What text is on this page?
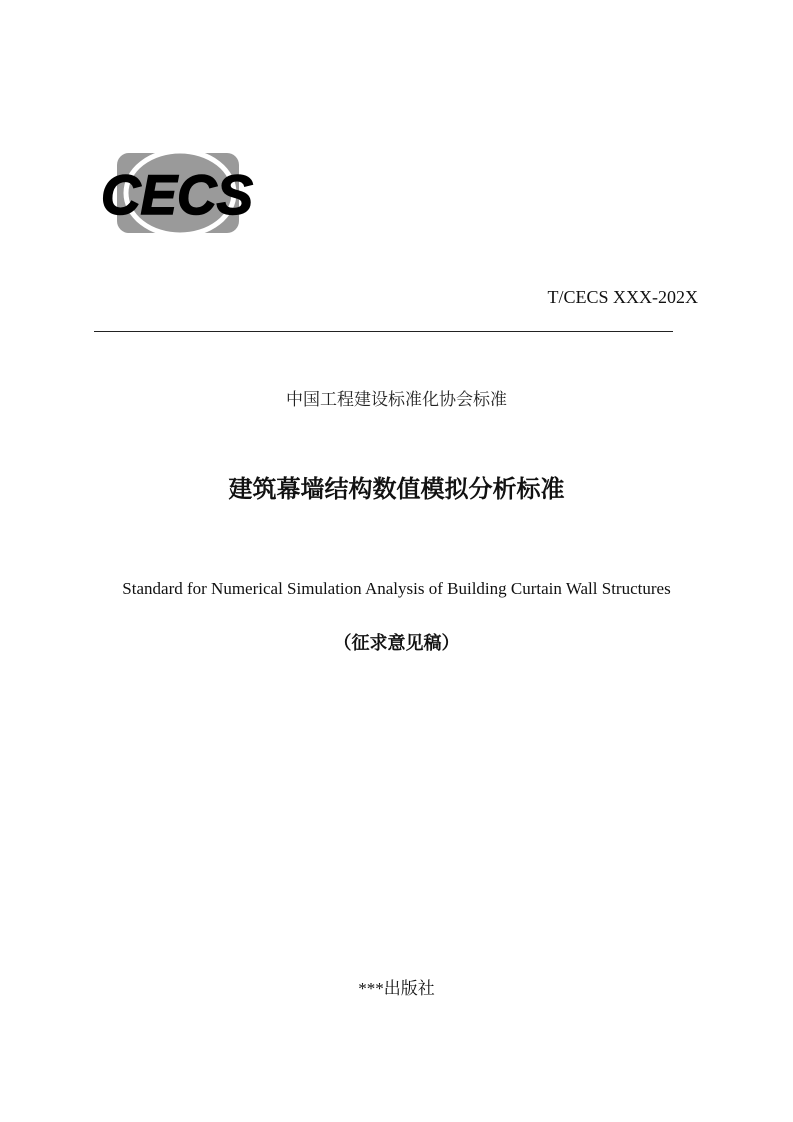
CECS
T/CECS XXX-202X
中国工程建设标准化协会标准
建筑幕墙结构数值模拟分析标准
Standard for Numerical Simulation Analysis of Building Curtain Wall Structures
（征求意见稿）
***出版社
